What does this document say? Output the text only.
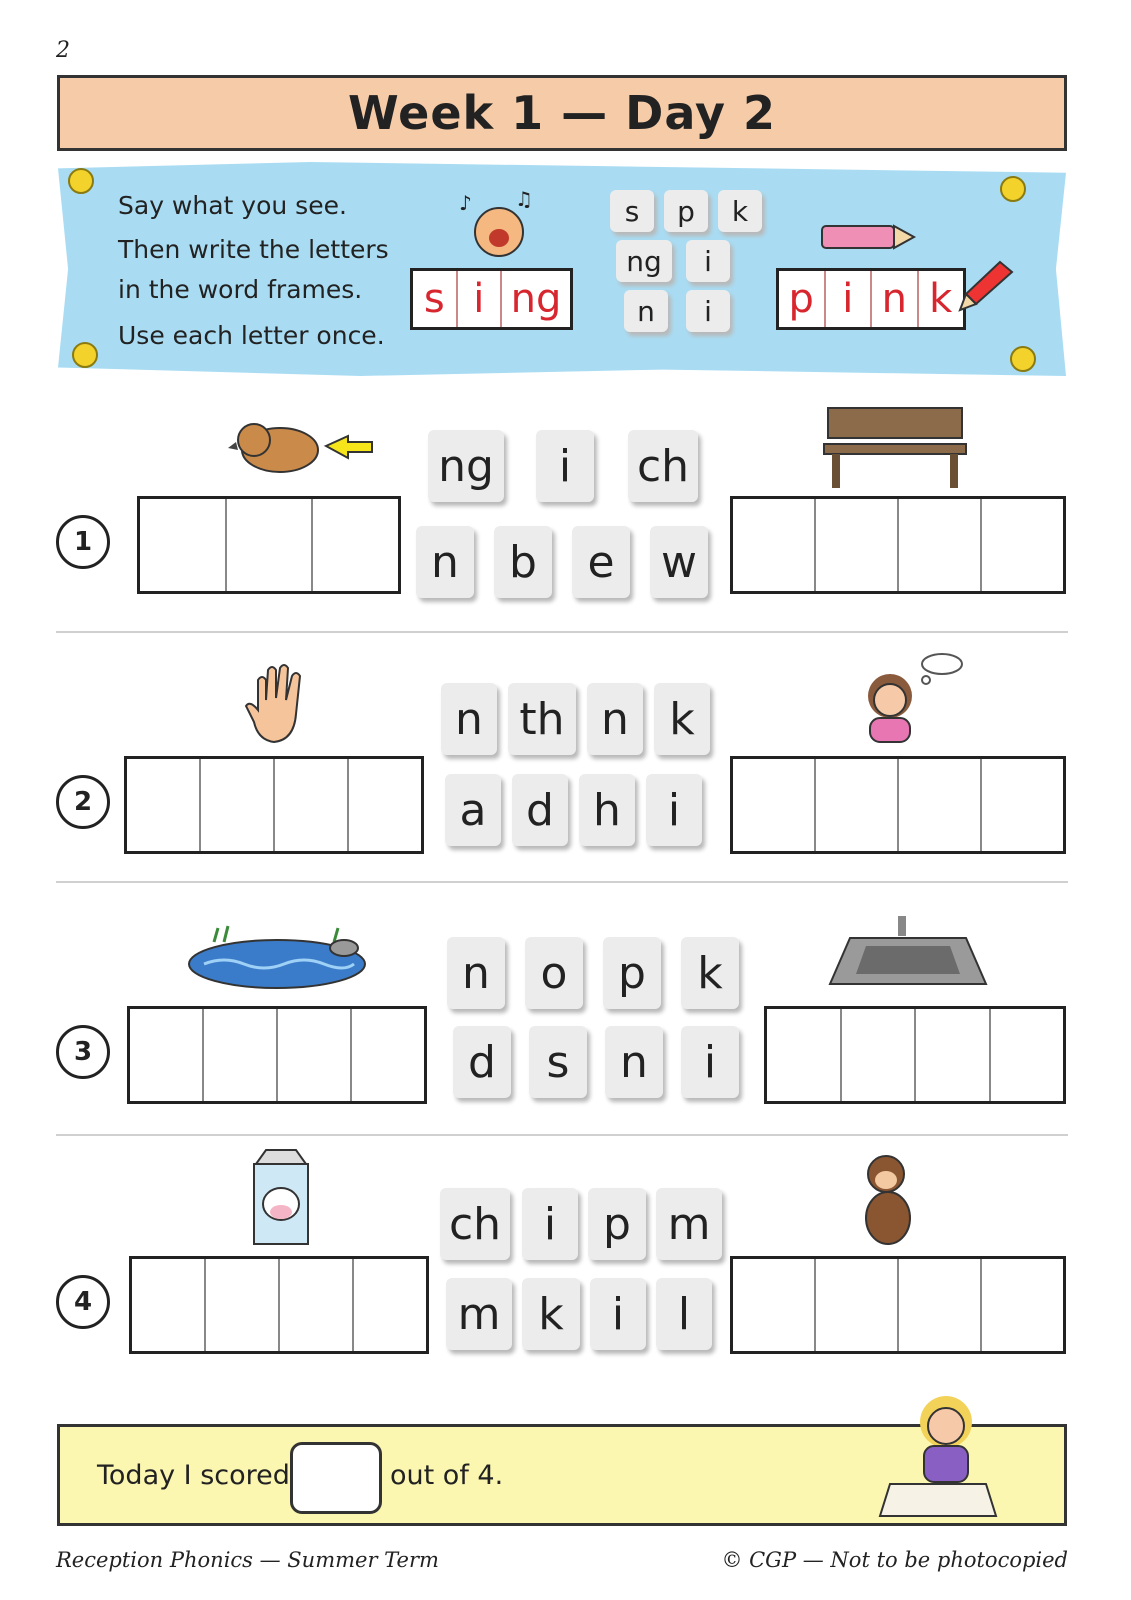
2
Week 1 — Day 2
Say what you see.
Then write the letters
in the word frames.
Use each letter once.
♪ ♫
s i ng
s	p	k
ng	i
n	i	p i n k
1
ng	i	ch
n	b	e	w
2
n th n k
a d h	i
3
n	o	p	k
d	s	n	i
4
ch i	p m
m k	i	l
Today I scored	out of 4.
Reception Phonics — Summer Term	© CGP — Not to be photocopied
